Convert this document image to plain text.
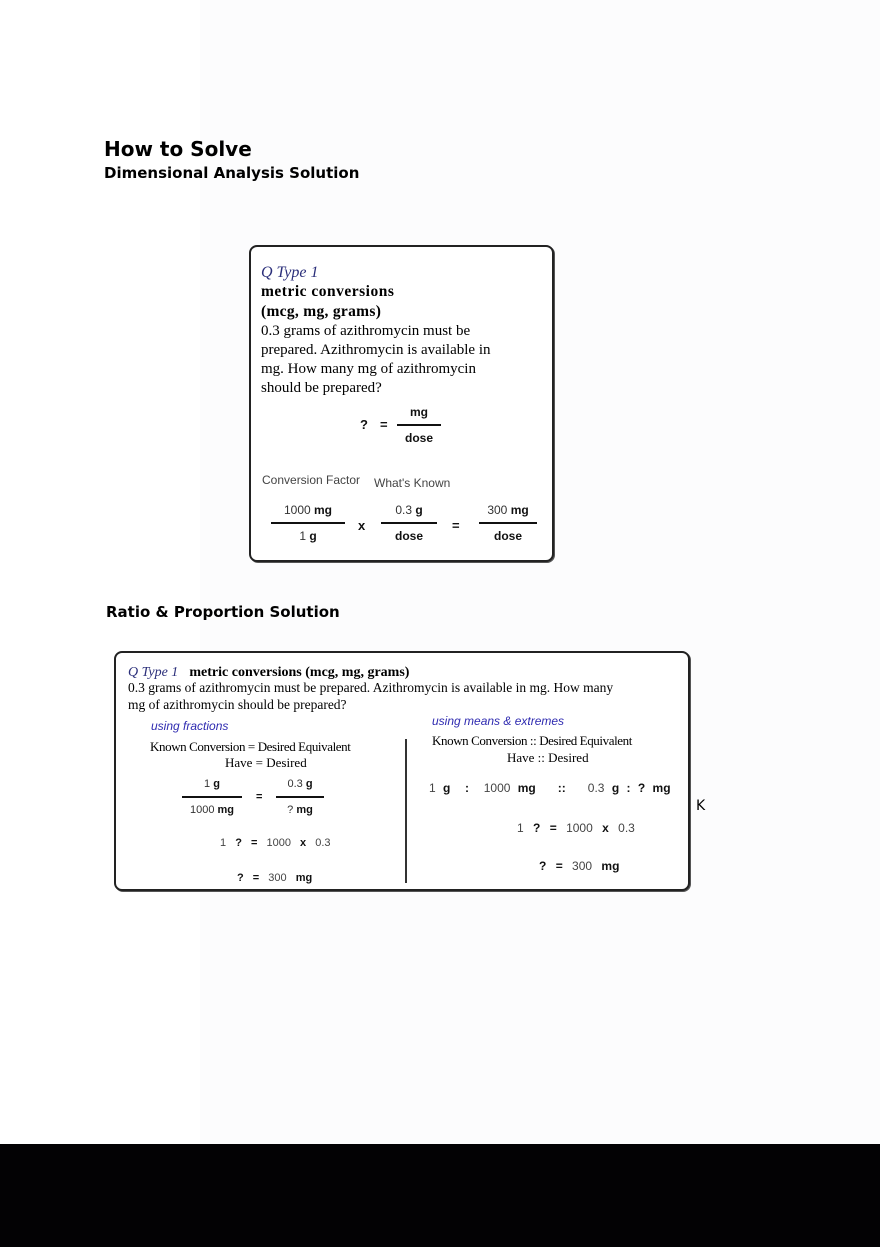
How to Solve
Dimensional Analysis Solution
Q Type 1
metric conversions
(mcg, mg, grams)
0.3 grams of azithromycin must be
prepared. Azithromycin is available in
mg. How many mg of azithromycin
should be prepared?
? =
mg
dose
Conversion Factor What's Known
1000 mg
1 g
x
0.3 g
dose
=
300 mg
dose
Ratio & Proportion Solution
Q Type 1 metric conversions (mcg, mg, grams)
0.3 grams of azithromycin must be prepared. Azithromycin is available in mg. How many
mg of azithromycin should be prepared?
using fractions
Known Conversion = Desired Equivalent
Have = Desired
1 g
1000 mg
=
0.3 g
? mg
1 ? = 1000 x 0.3
? = 300 mg
using means & extremes
Known Conversion :: Desired Equivalent
Have :: Desired
1 g : 1000 mg :: 0.3 g : ? mg
1 ? = 1000 x 0.3
? = 300 mg
K
